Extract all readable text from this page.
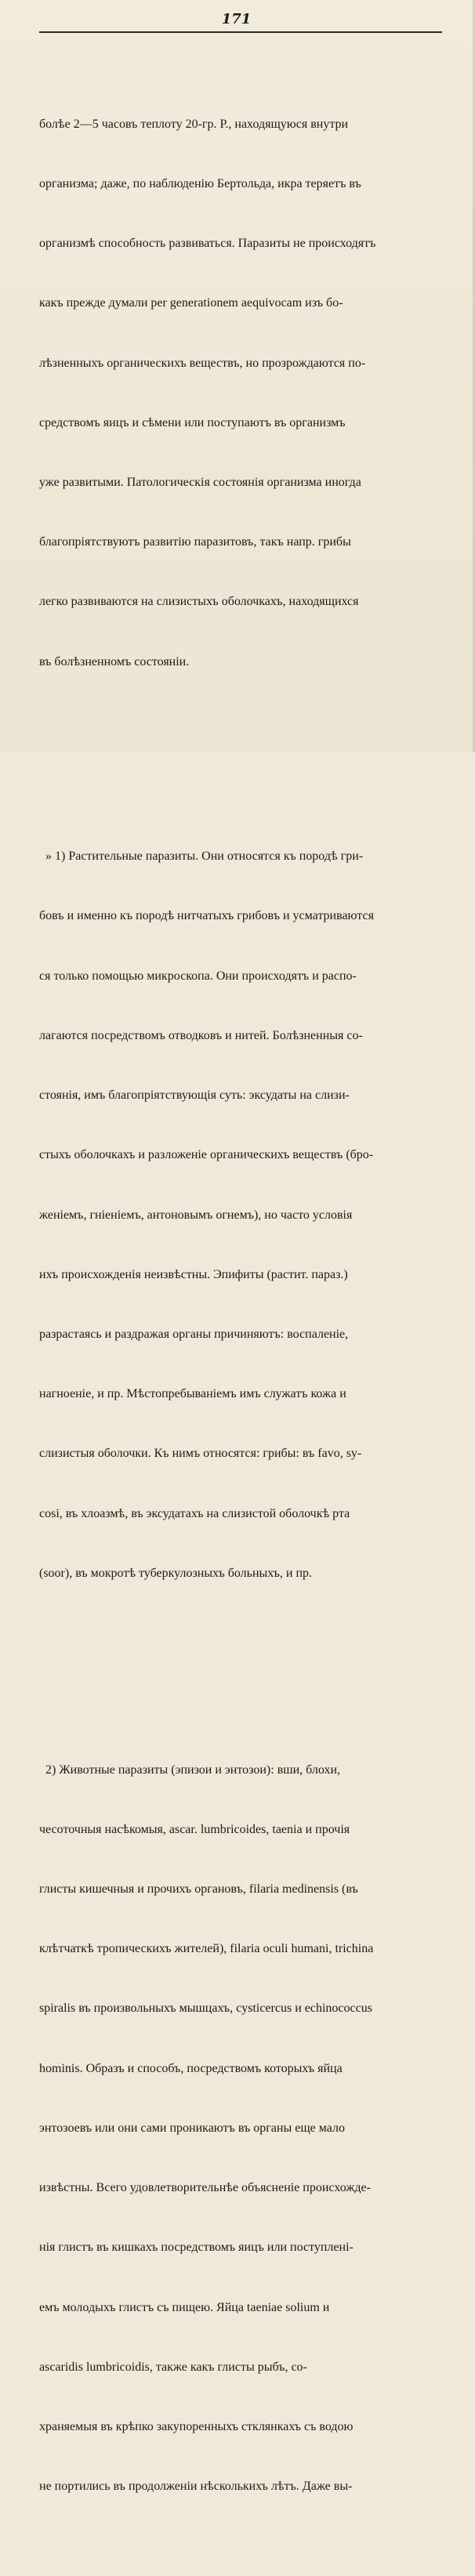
171

болѣе 2—5 часовъ теплоту 20-гр. Р., находящуюся внутри

организма; даже, по наблюденію Бертольда, икра теряетъ въ

организмѣ способность развиваться. Паразиты не происходятъ

какъ прежде думали per generationem aequivocam изъ бо-

лѣзненныхъ органическихъ веществъ, но прозрождаются по-

средствомъ яицъ и сѣмени или поступаютъ въ организмъ

уже развитыми. Патологическія состоянія организма иногда

благопріятствуютъ развитію паразитовъ, такъ напр. грибы

легко развиваются на слизистыхъ оболочкахъ, находящихся

въ болѣзненномъ состояніи.

» 1) Растительные паразиты. Они относятся къ породѣ гри-

бовъ и именно къ породѣ нитчатыхъ грибовъ и усматриваются

ся только помощью микроскопа. Они происходятъ и распо-

лагаются посредствомъ отводковъ и нитей. Болѣзненныя со-

стоянія, имъ благопріятствующія суть: эксудаты на слизи-

стыхъ оболочкахъ и разложеніе органическихъ веществъ (бро-

женіемъ, гніеніемъ, антоновымъ огнемъ), но часто условія

ихъ происхожденія неизвѣстны. Эпифиты (растит. параз.)

разрастаясь и раздражая органы причиняютъ: воспаленіе,

нагноеніе, и пр. Мѣстопребываніемъ имъ служатъ кожа и

слизистыя оболочки. Къ нимъ относятся: грибы: въ favo, sy-

cosi, въ хлоазмѣ, въ эксудатахъ на слизистой оболочкѣ рта

(soor), въ мокротѣ туберкулозныхъ больныхъ, и пр.

2) Животные паразиты (эпизои и энтозои): вши, блохи,

чесоточныя насѣкомыя, ascar. lumbricoides, taenia и прочія

глисты кишечныя и прочихъ органовъ, filaria medinensis (въ

клѣтчаткѣ тропическихъ жителей), filaria oculi humani, trichina

spiralis въ произвольныхъ мышцахъ, cysticercus и echinococcus

hominis. Образъ и способъ, посредствомъ которыхъ яйца

энтозоевъ или они сами проникаютъ въ органы еще мало

извѣстны. Всего удовлетворительнѣе объясненіе происхожде-

нія глистъ въ кишкахъ посредствомъ яицъ или поступлені-

емъ молодыхъ глистъ съ пищею. Яйца taeniae solium и

ascaridis lumbricoidis, также какъ глисты рыбъ, со-

храняемыя въ крѣпко закупоренныхъ стклянкахъ съ водою

не портились въ продолженіи нѣсколькихъ лѣтъ. Даже вы-
